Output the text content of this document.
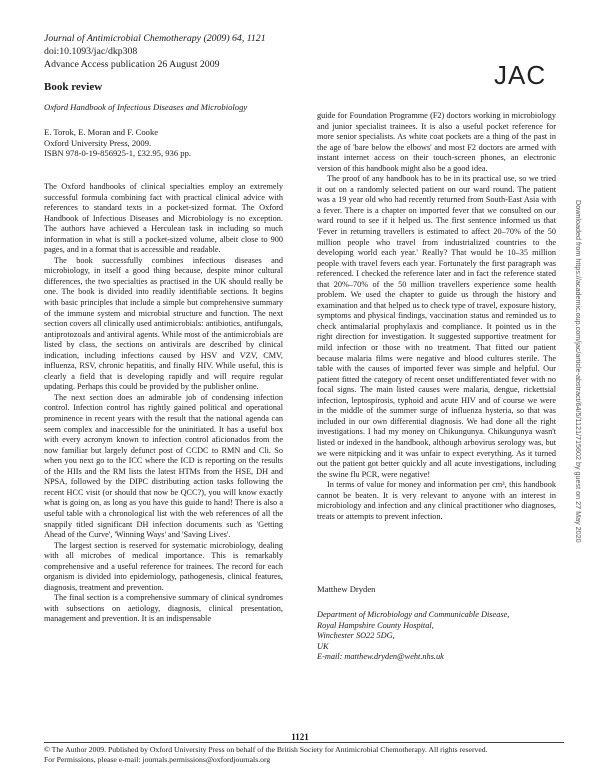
Journal of Antimicrobial Chemotherapy (2009) 64, 1121
doi:10.1093/jac/dkp308
Advance Access publication 26 August 2009	JAC
Book review
Oxford Handbook of Infectious Diseases and Microbiology
E. Torok, E. Moran and F. Cooke
Oxford University Press, 2009.
ISBN 978-0-19-856925-1, £32.95, 936 pp.

The Oxford handbooks of clinical specialties employ an extremely successful formula combining fact with practical clinical advice with references to standard texts in a pocket-sized format. The Oxford Handbook of Infectious Diseases and Microbiology is no exception. The authors have achieved a Herculean task in including so much information in what is still a pocket-sized volume, albeit close to 900 pages, and in a format that is accessible and readable.

The book successfully combines infectious diseases and microbiology, in itself a good thing because, despite minor cultural differences, the two specialties as practised in the UK should really be one. The book is divided into readily identifiable sections. It begins with basic principles that include a simple but comprehensive summary of the immune system and microbial structure and function. The next section covers all clinically used antimicrobials: antibiotics, antifungals, antiprotozoals and antiviral agents. While most of the antimicrobials are listed by class, the sections on antivirals are described by clinical indication, including infections caused by HSV and VZV, CMV, influenza, RSV, chronic hepatitis, and finally HIV. While useful, this is clearly a field that is developing rapidly and will require regular updating. Perhaps this could be provided by the publisher online.

The next section does an admirable job of condensing infection control. Infection control has rightly gained political and operational prominence in recent years with the result that the national agenda can seem complex and inaccessible for the uninitiated. It has a useful box with every acronym known to infection control aficionados from the now familiar but largely defunct post of CCDC to RMN and Cli. So when you next go to the ICC where the ICD is reporting on the results of the HIIs and the RM lists the latest HTMs from the HSE, DH and NPSA, followed by the DIPC distributing action tasks following the recent HCC visit (or should that now be QCC?), you will know exactly what is going on, as long as you have this guide to hand! There is also a useful table with a chronological list with the web references of all the snappily titled significant DH infection documents such as 'Getting Ahead of the Curve', 'Winning Ways' and 'Saving Lives'.

The largest section is reserved for systematic microbiology, dealing with all microbes of medical importance. This is remarkably comprehensive and a useful reference for trainees. The record for each organism is divided into epidemiology, pathogenesis, clinical features, diagnosis, treatment and prevention.

The final section is a comprehensive summary of clinical syndromes with subsections on aetiology, diagnosis, clinical presentation, management and prevention. It is an indispensable

guide for Foundation Programme (F2) doctors working in microbiology and junior specialist trainees. It is also a useful pocket reference for more senior specialists. As white coat pockets are a thing of the past in the age of 'bare below the elbows' and most F2 doctors are armed with instant internet access on their touch-screen phones, an electronic version of this handbook might also be a good idea.

The proof of any handbook has to be in its practical use, so we tried it out on a randomly selected patient on our ward round. The patient was a 19 year old who had recently returned from South-East Asia with a fever. There is a chapter on imported fever that we consulted on our ward round to see if it helped us. The first sentence informed us that 'Fever in returning travellers is estimated to affect 20–70% of the 50 million people who travel from industrialized countries to the developing world each year.' Really? That would be 10–35 million people with travel fevers each year. Fortunately the first paragraph was referenced. I checked the reference later and in fact the reference stated that 20%–70% of the 50 million travellers experience some health problem. We used the chapter to guide us through the history and examination and that helped us to check type of travel, exposure history, symptoms and physical findings, vaccination status and reminded us to check antimalarial prophylaxis and compliance. It pointed us in the right direction for investigation. It suggested supportive treatment for mild infection or those with no treatment. That fitted our patient because malaria films were negative and blood cultures sterile. The table with the causes of imported fever was simple and helpful. Our patient fitted the category of recent onset undifferentiated fever with no focal signs. The main listed causes were malaria, dengue, rickettsial infection, leptospirosis, typhoid and acute HIV and of course we were in the middle of the summer surge of influenza hysteria, so that was included in our own differential diagnosis. We had done all the right investigations. I had my money on Chikungunya. Chikungunya wasn't listed or indexed in the handbook, although arbovirus serology was, but we were nitpicking and it was unfair to expect everything. As it turned out the patient got better quickly and all acute investigations, including the swine flu PCR, were negative!

In terms of value for money and information per cm³, this handbook cannot be beaten. It is very relevant to anyone with an interest in microbiology and infection and any clinical practitioner who diagnoses, treats or attempts to prevent infection.

Matthew Dryden
Department of Microbiology and Communicable Disease,
Royal Hampshire County Hospital,
Winchester SO22 5DG,
UK
E-mail: matthew.dryden@weht.nhs.uk
1121
© The Author 2009. Published by Oxford University Press on behalf of the British Society for Antimicrobial Chemotherapy. All rights reserved.
For Permissions, please e-mail: journals.permissions@oxfordjournals.org
Downloaded from https://academic.oup.com/jac/article-abstract/64/5/1121/715602 by guest on 27 May 2020
